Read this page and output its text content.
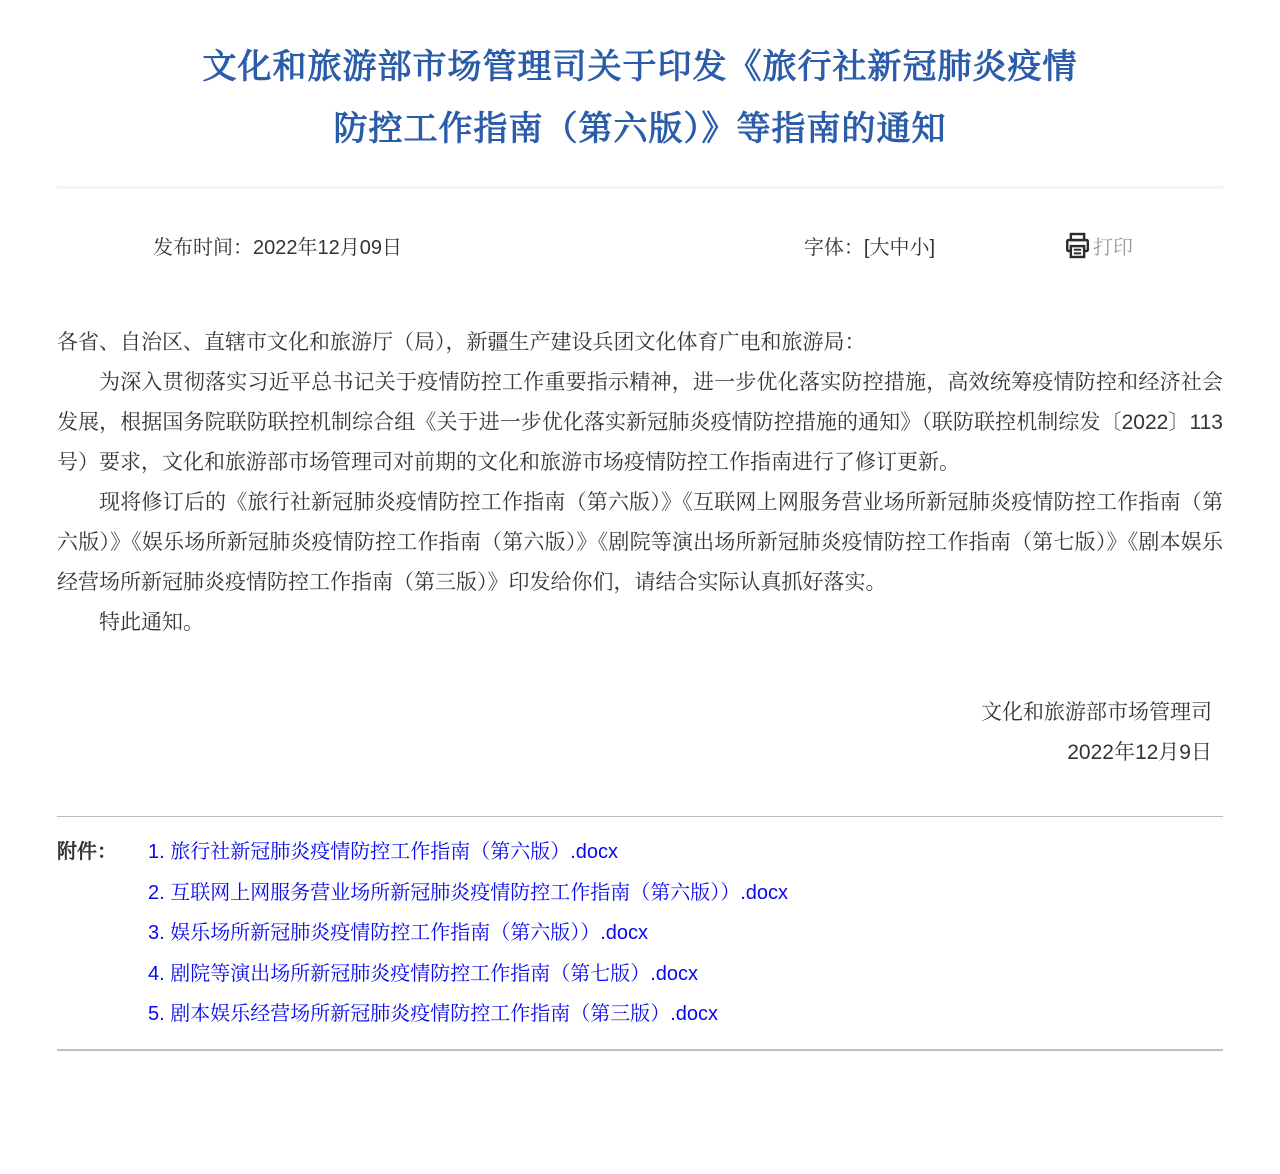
文化和旅游部市场管理司关于印发《旅行社新冠肺炎疫情
防控工作指南（第六版）》等指南的通知
发布时间：2022年12月09日	字体：[大中小]	打印

各省、自治区、直辖市文化和旅游厅（局），新疆生产建设兵团文化体育广电和旅游局：

为深入贯彻落实习近平总书记关于疫情防控工作重要指示精神，进一步优化落实防控措施，高效统筹疫情防控和经济社会发展，根据国务院联防联控机制综合组《关于进一步优化落实新冠肺炎疫情防控措施的通知》（联防联控机制综发〔2022〕113号）要求，文化和旅游部市场管理司对前期的文化和旅游市场疫情防控工作指南进行了修订更新。

现将修订后的《旅行社新冠肺炎疫情防控工作指南（第六版）》《互联网上网服务营业场所新冠肺炎疫情防控工作指南（第六版）》《娱乐场所新冠肺炎疫情防控工作指南（第六版）》《剧院等演出场所新冠肺炎疫情防控工作指南（第七版）》《剧本娱乐经营场所新冠肺炎疫情防控工作指南（第三版）》印发给你们，请结合实际认真抓好落实。

特此通知。

文化和旅游部市场管理司
2022年12月9日
附件：	1. 旅行社新冠肺炎疫情防控工作指南（第六版）.docx
2. 互联网上网服务营业场所新冠肺炎疫情防控工作指南（第六版））.docx
3. 娱乐场所新冠肺炎疫情防控工作指南（第六版））.docx
4. 剧院等演出场所新冠肺炎疫情防控工作指南（第七版）.docx
5. 剧本娱乐经营场所新冠肺炎疫情防控工作指南（第三版）.docx
